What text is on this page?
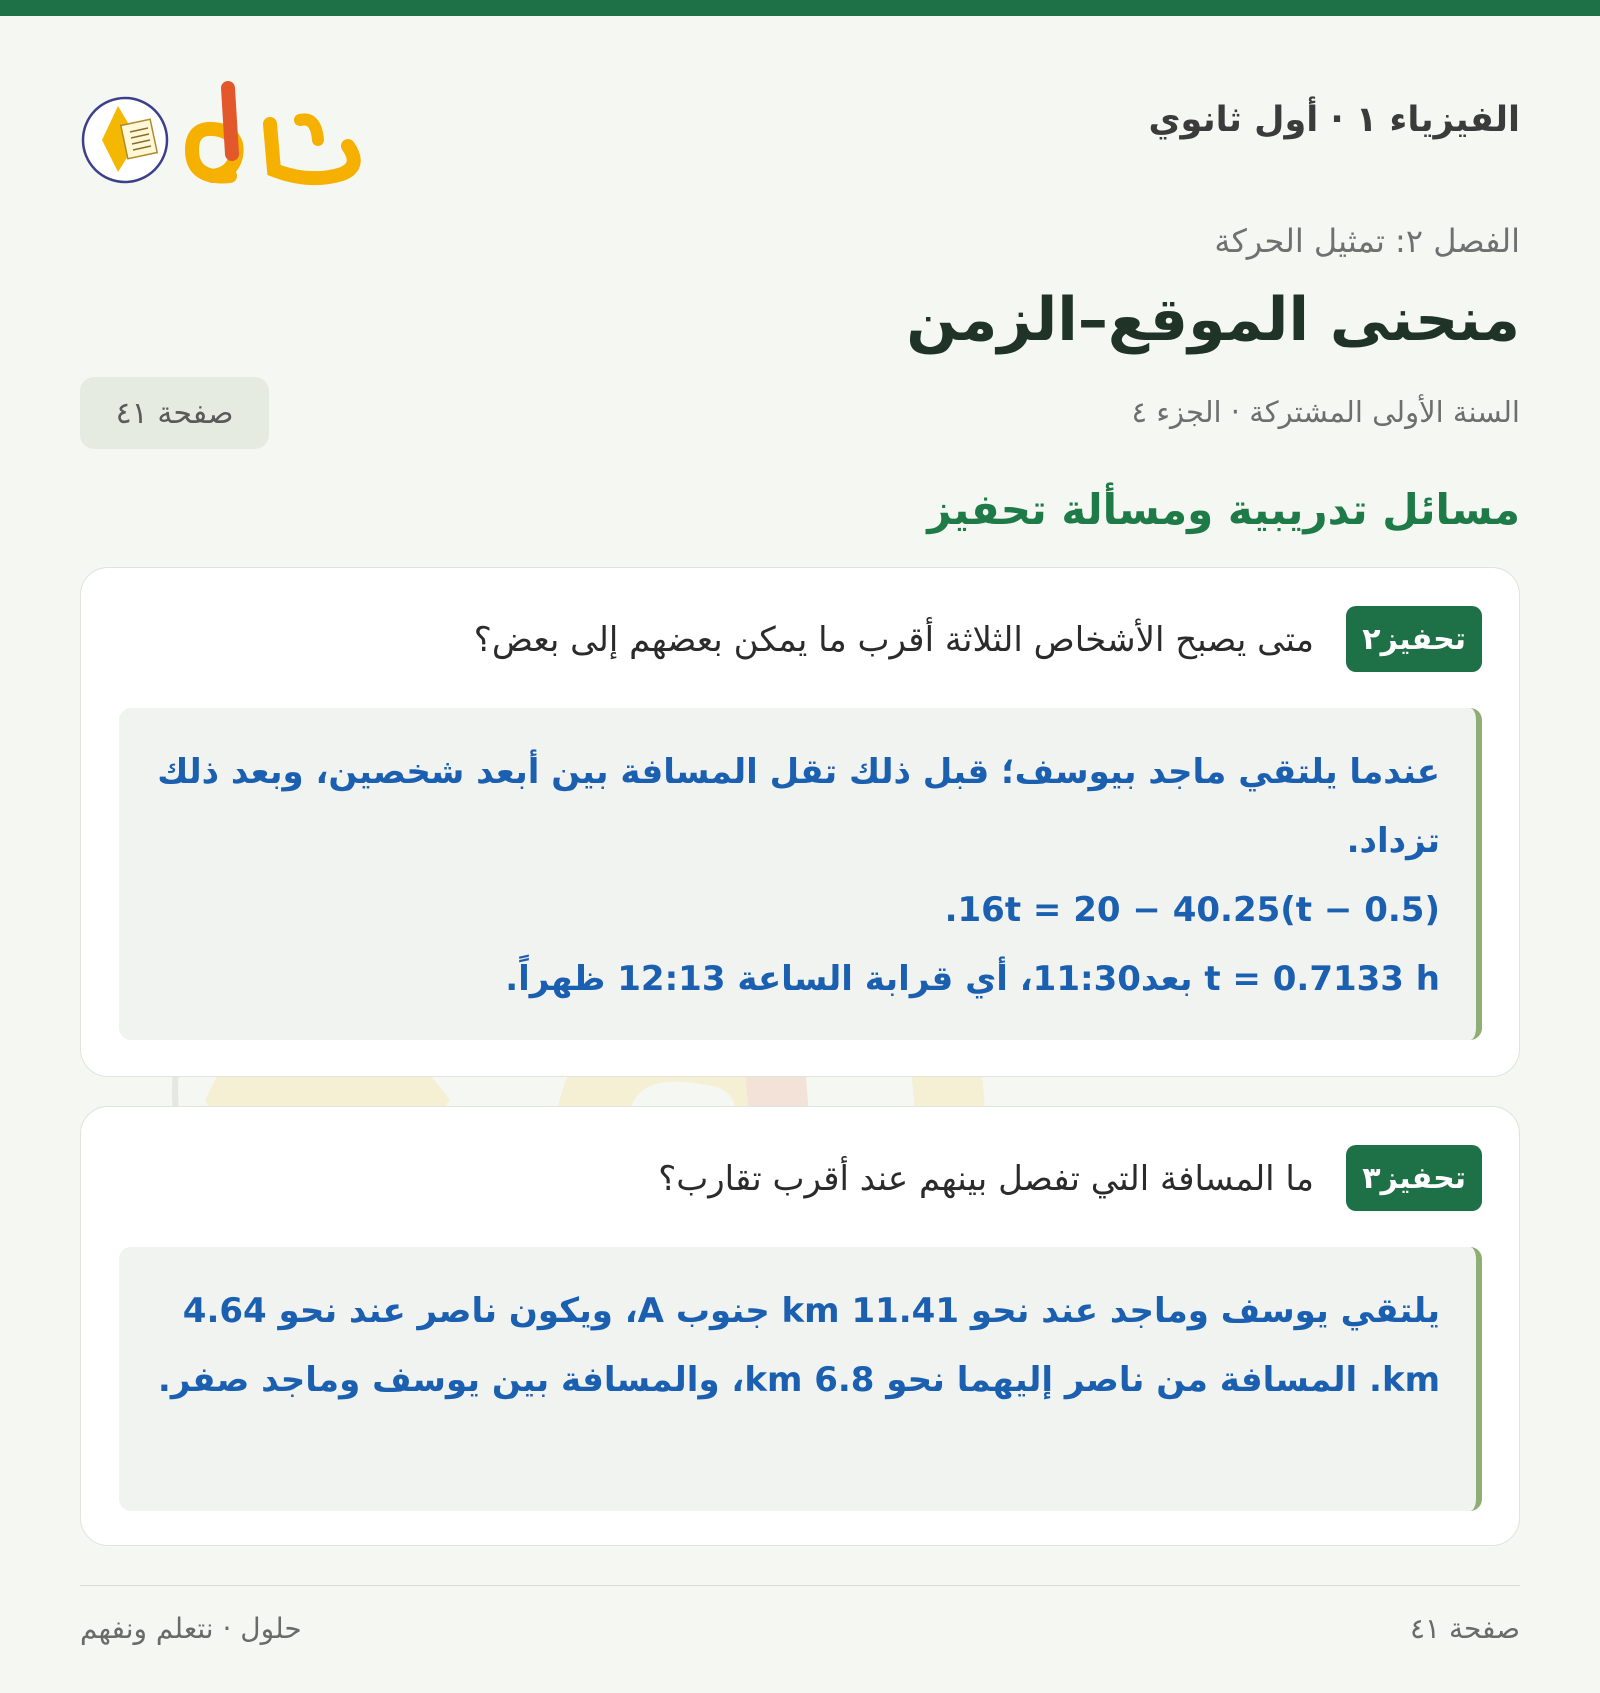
الفيزياء ١ · أول ثانوي
الفصل ٢: تمثيل الحركة
منحنى الموقع–الزمن
السنة الأولى المشتركة · الجزء ٤
صفحة ٤١
مسائل تدريبية ومسألة تحفيز
تحفيز٢
متى يصبح الأشخاص الثلاثة أقرب ما يمكن بعضهم إلى بعض؟
عندما يلتقي ماجد بيوسف؛ قبل ذلك تقل المسافة بين أبعد شخصين، وبعد ذلك تزداد.
16t = 20 − 40.25(t − 0.5).
t = 0.7133 h بعد11:30، أي قرابة الساعة 12:13 ظهراً.
تحفيز٣
ما المسافة التي تفصل بينهم عند أقرب تقارب؟
يلتقي يوسف وماجد عند نحو 11.41 km جنوب A، ويكون ناصر عند نحو 4.64 km. المسافة من ناصر إليهما نحو 6.8 km، والمسافة بين يوسف وماجد صفر.
صفحة ٤١
حلول · نتعلم ونفهم
